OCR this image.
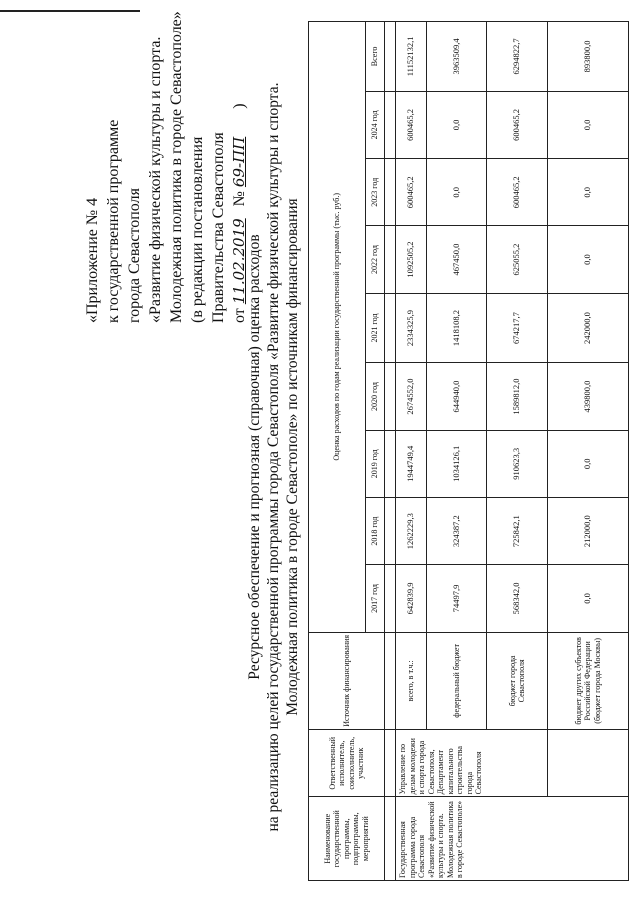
«Приложение № 4 к государственной программе города Севастополя «Развитие физической культуры и спорта. Молодежная политика в городе Севастополе» (в редакции постановления Правительства Севастополя от 11.02.2019   № 69-ПП       )
Ресурсное обеспечение и прогнозная (справочная) оценка расходов на реализацию целей государственной программы города Севастополя «Развитие физической культуры и спорта. Молодежная политика в городе Севастополе» по источникам финансирования
Наименование государственной программы, подпрограммы, мероприятий	Ответственный исполнитель, соисполнитель, участник	Источник финансирования	Оценка расходов по годам реализации государственной программы (тыс. руб.)								
			2017 год	2018 год	2019 год	2020 год	2021 год	2022 год	2023 год	2024 год	Всего

Государственная программа города Севастополя «Развитие физической культуры и спорта. Молодежная политика в городе Севастополе»	Управление по делам молодежи и спорта города Севастополя, Департамент капитального строительства города Севастополя	всего, в т.ч.:	642839,9	1262229,3	1944749,4	2674552,0	2334325,9	1092505,2	600465,2	600465,2	11152132,1
		федеральный бюджет	74497,9	324387,2	1034126,1	644940,0	1418108,2	467450,0	0,0	0,0	3963509,4
		бюджет города Севастополя	568342,0	725842,1	910623,3	1589812,0	674217,7	625055,2	600465,2	600465,2	6294822,7
		бюджет других субъектов Российской Федерации (бюджет города Москвы)	0,0	212000,0	0,0	439800,0	242000,0	0,0	0,0	0,0	893800,0
